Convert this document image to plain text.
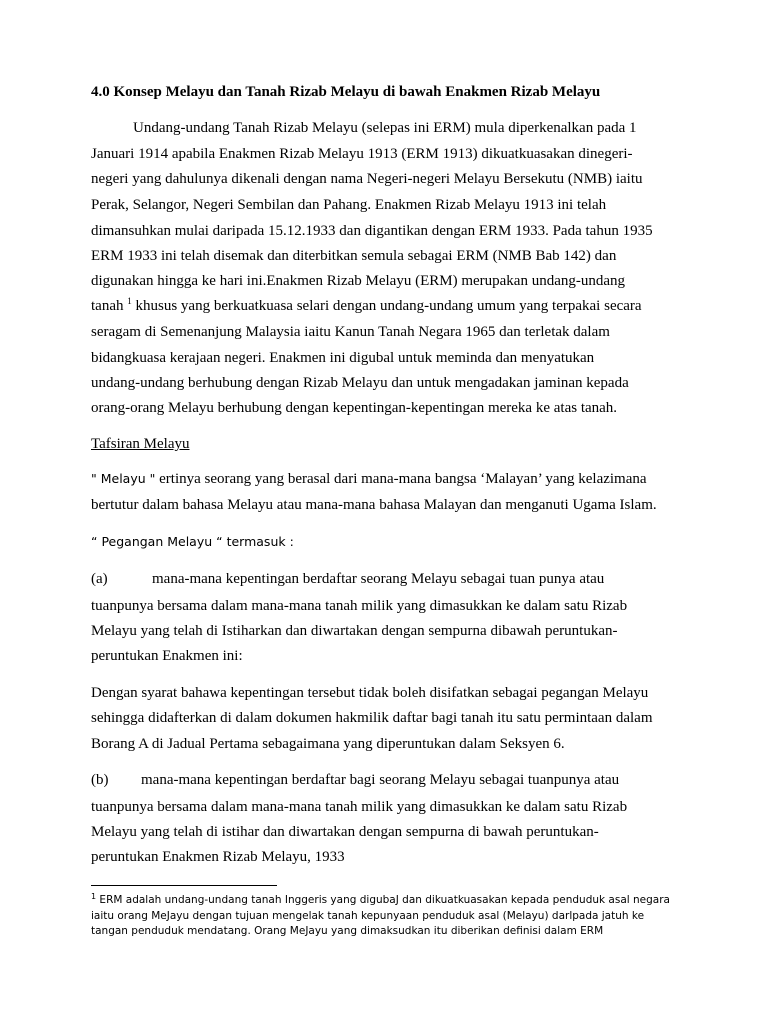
4.0 Konsep Melayu dan Tanah Rizab Melayu di bawah Enakmen Rizab Melayu

Undang-undang Tanah Rizab Melayu (selepas ini ERM) mula diperkenalkan pada 1

Januari 1914 apabila Enakmen Rizab Melayu 1913 (ERM 1913) dikuatkuasakan dinegeri-

negeri yang dahulunya dikenali dengan nama Negeri-negeri Melayu Bersekutu (NMB) iaitu

Perak, Selangor, Negeri Sembilan dan Pahang. Enakmen Rizab Melayu 1913 ini telah

dimansuhkan mulai daripada 15.12.1933 dan digantikan dengan ERM 1933. Pada tahun 1935

ERM 1933 ini telah disemak dan diterbitkan semula sebagai ERM (NMB Bab 142) dan

digunakan hingga ke hari ini.Enakmen Rizab Melayu (ERM) merupakan undang-undang

tanah $^1$ khusus yang berkuatkuasa selari dengan undang-undang umum yang terpakai secara

seragam di Semenanjung Malaysia iaitu Kanun Tanah Negara 1965 dan terletak dalam

bidangkuasa kerajaan negeri. Enakmen ini digubal untuk meminda dan menyatukan

undang-undang berhubung dengan Rizab Melayu dan untuk mengadakan jaminan kepada

orang-orang Melayu berhubung dengan kepentingan-kepentingan mereka ke atas tanah.

Tafsiran Melayu

" Melayu " ertinya seorang yang berasal dari mana-mana bangsa ‘Malayan’ yang kelazimana

bertutur dalam bahasa Melayu atau mana-mana bahasa Malayan dan menganuti Ugama Islam.

“ Pegangan Melayu “ termasuk :

(a)	mana-mana kepentingan berdaftar seorang Melayu sebagai tuan punya atau

tuanpunya bersama dalam mana-mana tanah milik yang dimasukkan ke dalam satu Rizab

Melayu yang telah di Istiharkan dan diwartakan dengan sempurna dibawah peruntukan-

peruntukan Enakmen ini:

Dengan syarat bahawa kepentingan tersebut tidak boleh disifatkan sebagai pegangan Melayu

sehingga didafterkan di dalam dokumen hakmilik daftar bagi tanah itu satu permintaan dalam

Borang A di Jadual Pertama sebagaimana yang diperuntukan dalam Seksyen 6.

(b) mana-mana kepentingan berdaftar bagi seorang Melayu sebagai tuanpunya atau

tuanpunya bersama dalam mana-mana tanah milik yang dimasukkan ke dalam satu Rizab

Melayu yang telah di istihar dan diwartakan dengan sempurna di bawah peruntukan-

peruntukan Enakmen Rizab Melayu, 1933

$^1$ ERM adalah undang-undang tanah Inggeris yang digubaJ dan dikuatkuasakan kepada penduduk asal negara

iaitu orang MeJayu dengan tujuan mengelak tanah kepunyaan penduduk asal (Melayu) darlpada jatuh ke

tangan penduduk mendatang. Orang MeJayu yang dimaksudkan itu diberikan definisi dalam ERM
